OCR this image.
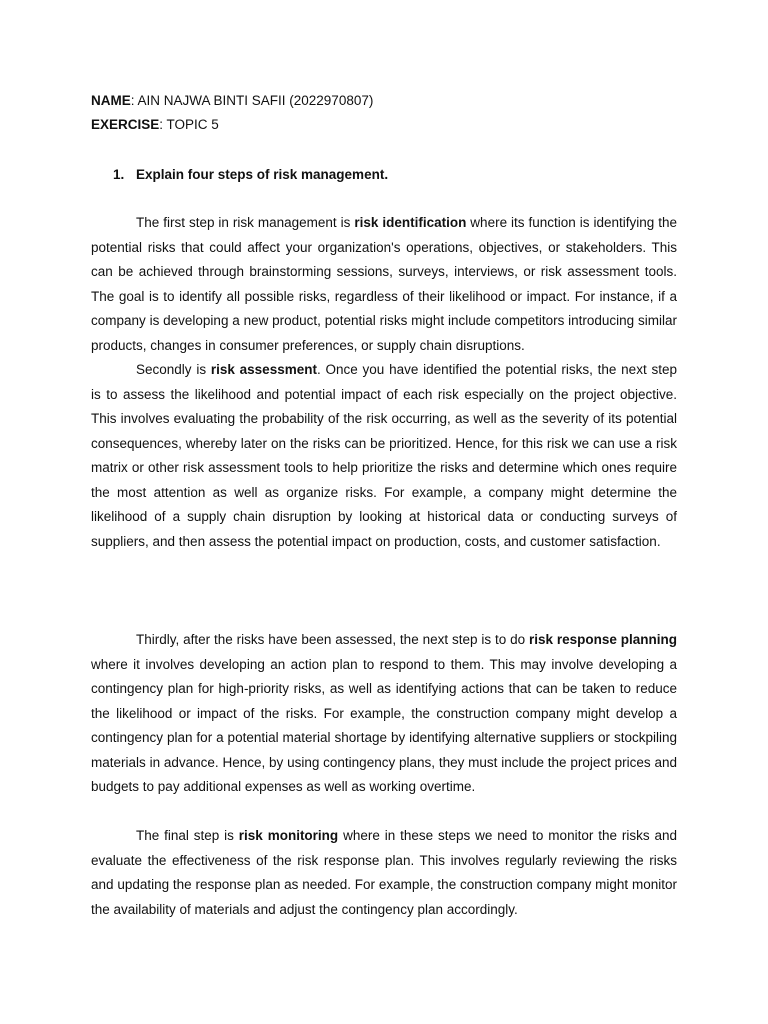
NAME: AIN NAJWA BINTI SAFII (2022970807)
EXERCISE: TOPIC 5
1. Explain four steps of risk management.

The first step in risk management is risk identification where its function is identifying the potential risks that could affect your organization's operations, objectives, or stakeholders. This can be achieved through brainstorming sessions, surveys, interviews, or risk assessment tools. The goal is to identify all possible risks, regardless of their likelihood or impact. For instance, if a company is developing a new product, potential risks might include competitors introducing similar products, changes in consumer preferences, or supply chain disruptions.

Secondly is risk assessment. Once you have identified the potential risks, the next step is to assess the likelihood and potential impact of each risk especially on the project objective. This involves evaluating the probability of the risk occurring, as well as the severity of its potential consequences, whereby later on the risks can be prioritized. Hence, for this risk we can use a risk matrix or other risk assessment tools to help prioritize the risks and determine which ones require the most attention as well as organize risks. For example, a company might determine the likelihood of a supply chain disruption by looking at historical data or conducting surveys of suppliers, and then assess the potential impact on production, costs, and customer satisfaction.

Thirdly, after the risks have been assessed, the next step is to do risk response planning where it involves developing an action plan to respond to them. This may involve developing a contingency plan for high-priority risks, as well as identifying actions that can be taken to reduce the likelihood or impact of the risks. For example, the construction company might develop a contingency plan for a potential material shortage by identifying alternative suppliers or stockpiling materials in advance. Hence, by using contingency plans, they must include the project prices and budgets to pay additional expenses as well as working overtime.

The final step is risk monitoring where in these steps we need to monitor the risks and evaluate the effectiveness of the risk response plan. This involves regularly reviewing the risks and updating the response plan as needed. For example, the construction company might monitor the availability of materials and adjust the contingency plan accordingly.
